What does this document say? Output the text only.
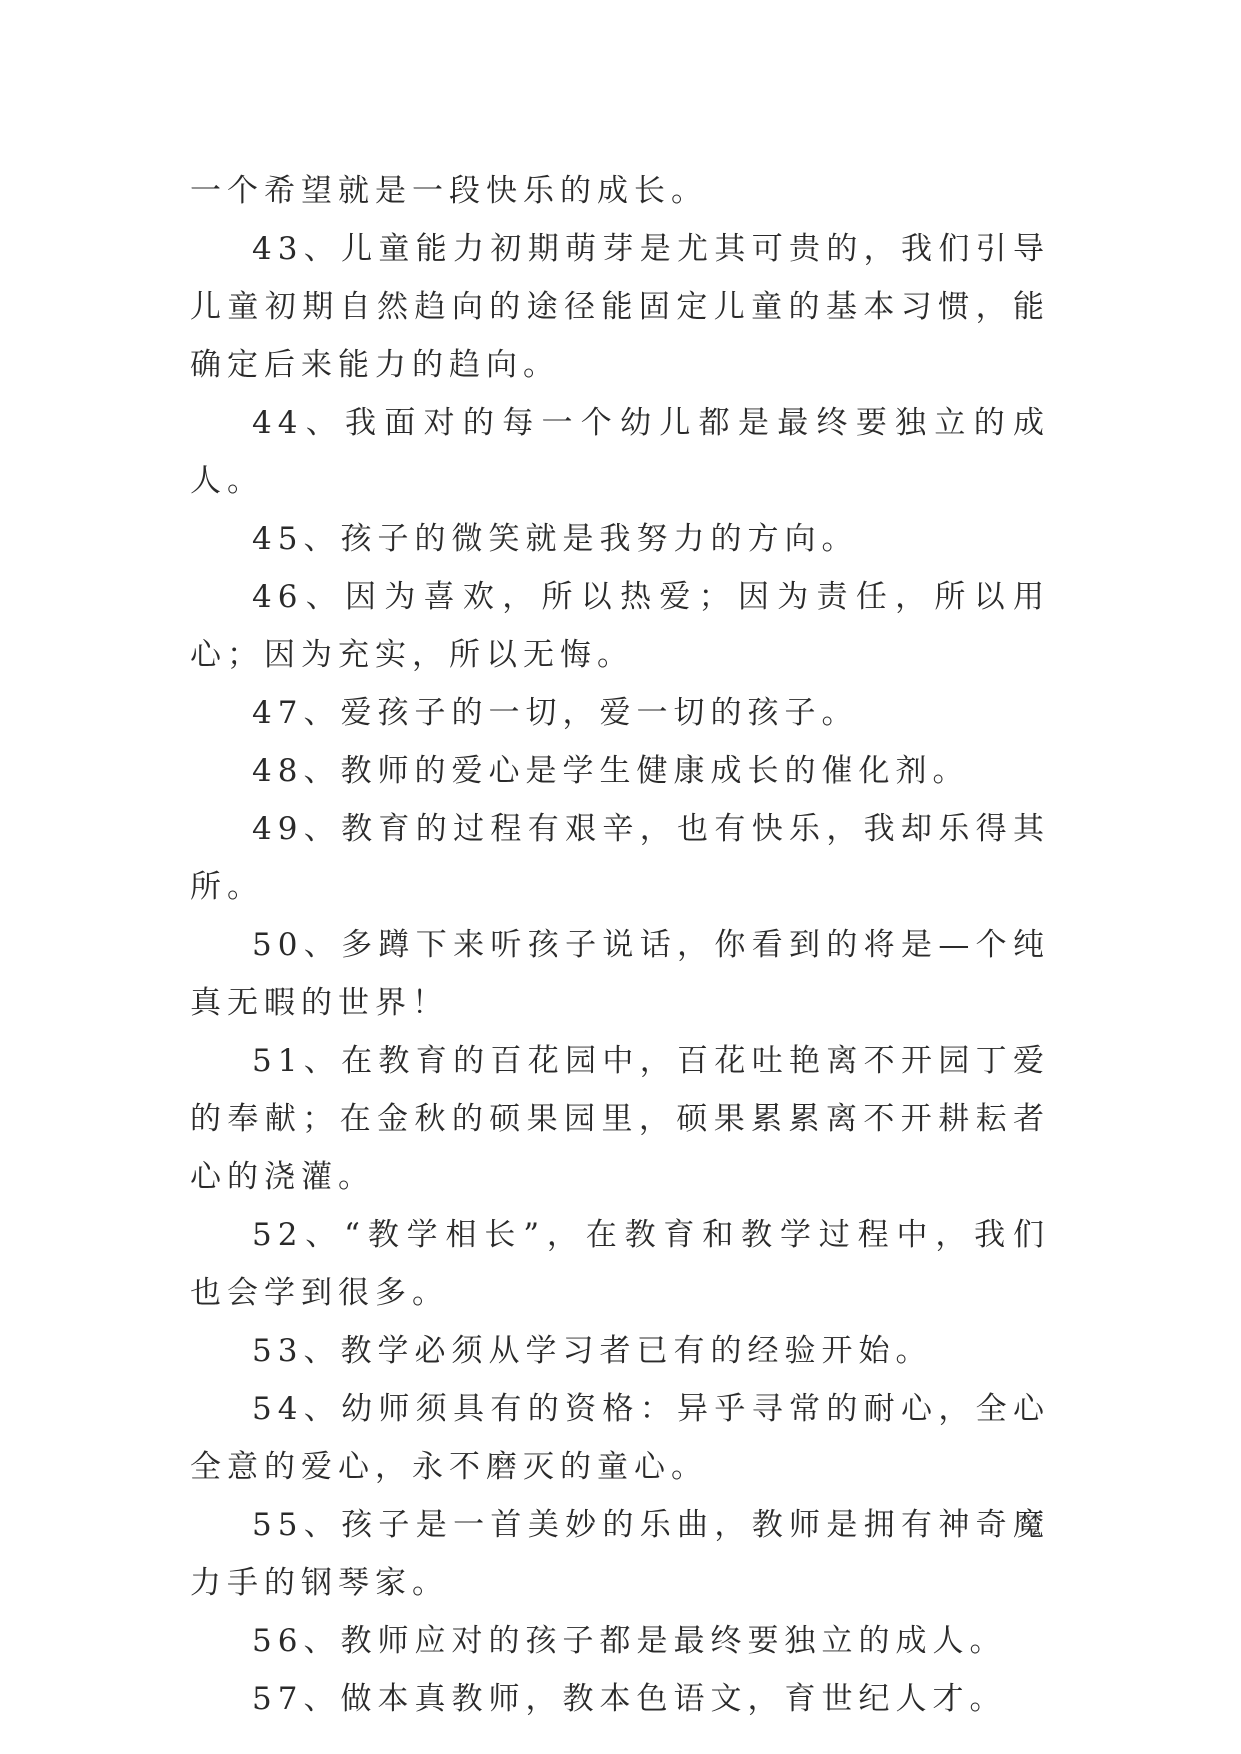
一个希望就是一段快乐的成长。

43、儿童能力初期萌芽是尤其可贵的，我们引导儿童初期自然趋向的途径能固定儿童的基本习惯，能确定后来能力的趋向。

44、我面对的每一个幼儿都是最终要独立的成人。

45、孩子的微笑就是我努力的方向。

46、因为喜欢，所以热爱；因为责任，所以用心；因为充实，所以无悔。

47、爱孩子的一切，爱一切的孩子。

48、教师的爱心是学生健康成长的催化剂。

49、教育的过程有艰辛，也有快乐，我却乐得其所。

50、多蹲下来听孩子说话，你看到的将是—个纯真无暇的世界！

51、在教育的百花园中，百花吐艳离不开园丁爱的奉献；在金秋的硕果园里，硕果累累离不开耕耘者心的浇灌。

52、“教学相长”，在教育和教学过程中，我们也会学到很多。

53、教学必须从学习者已有的经验开始。

54、幼师须具有的资格：异乎寻常的耐心，全心全意的爱心，永不磨灭的童心。

55、孩子是一首美妙的乐曲，教师是拥有神奇魔力手的钢琴家。

56、教师应对的孩子都是最终要独立的成人。

57、做本真教师，教本色语文，育世纪人才。
